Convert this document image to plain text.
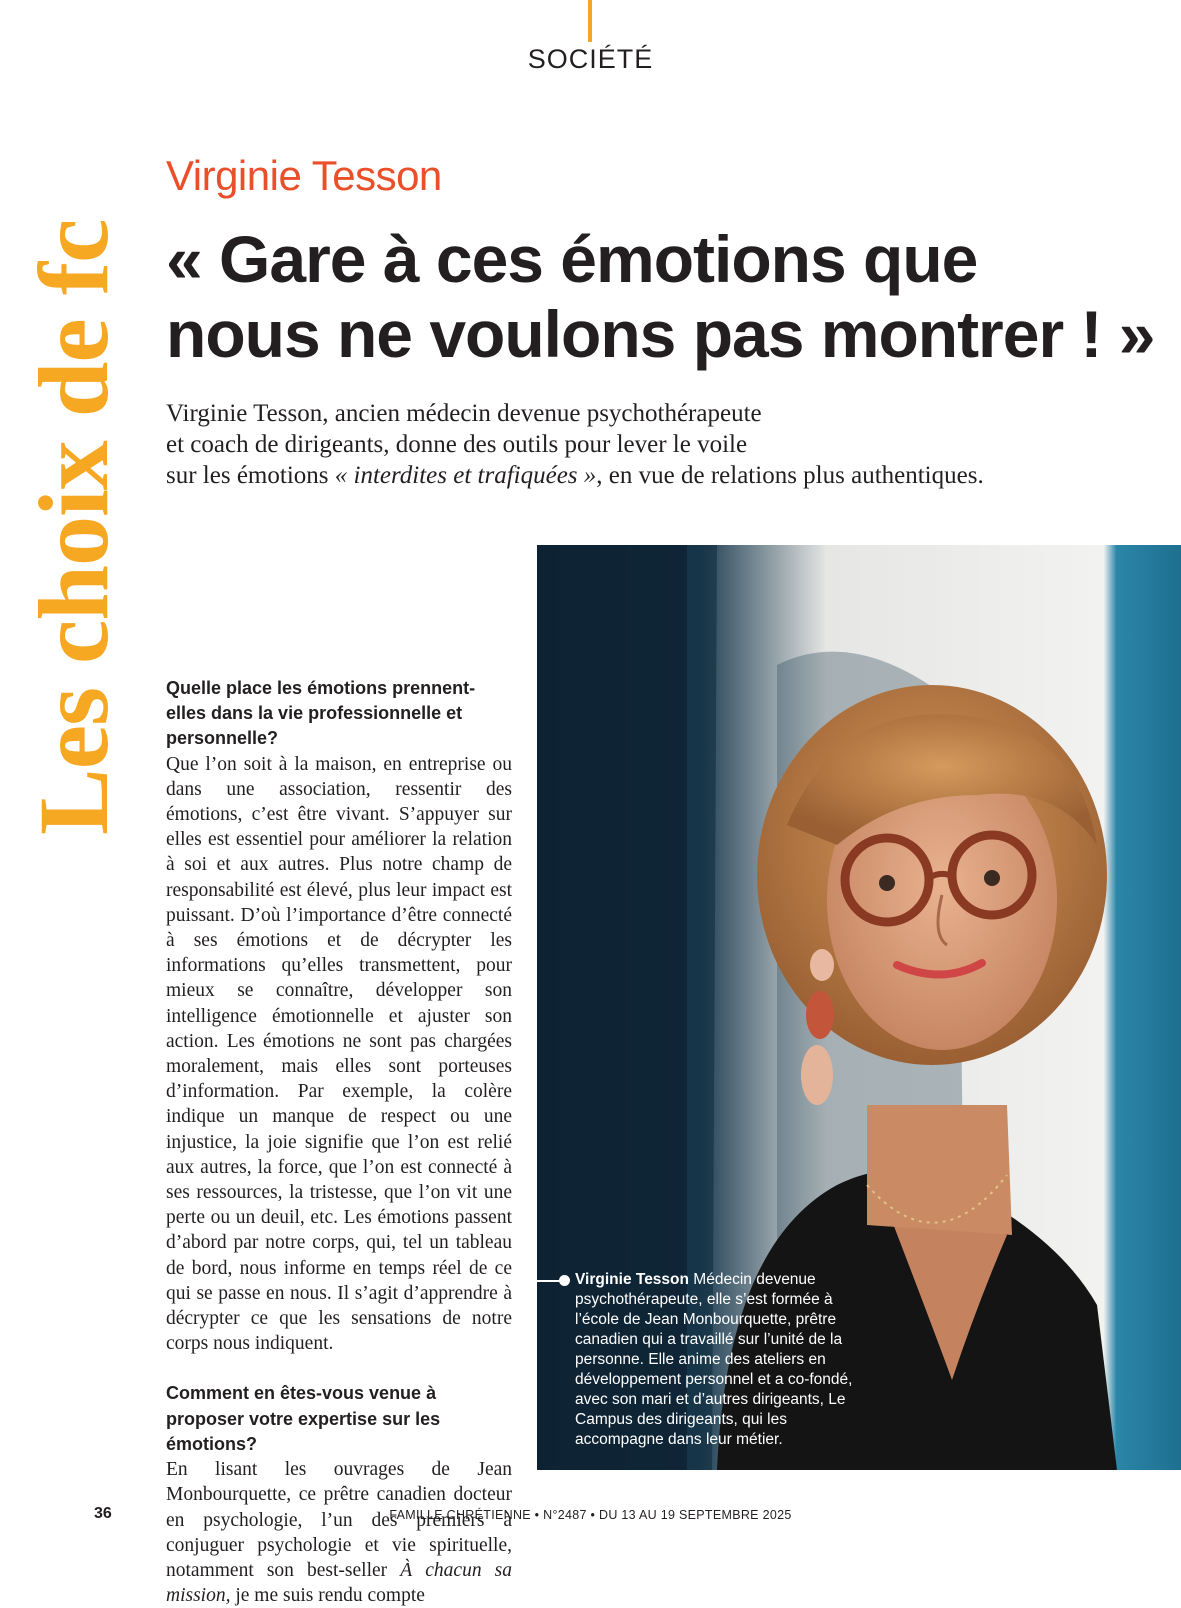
SOCIÉTÉ
Les choix de fc
Virginie Tesson
« Gare à ces émotions que
nous ne voulons pas montrer ! »
Virginie Tesson, ancien médecin devenue psychothérapeute
et coach de dirigeants, donne des outils pour lever le voile
sur les émotions « interdites et trafiquées », en vue de relations plus authentiques.
Virginie Tesson Médecin devenue psychothérapeute, elle s’est formée à l’école de Jean Monbourquette, prêtre canadien qui a travaillé sur l’unité de la personne. Elle anime des ateliers en développement personnel et a co-fondé, avec son mari et d’autres dirigeants, Le Campus des dirigeants, qui les accompagne dans leur métier.

Quelle place les émotions prennent-elles dans la vie professionnelle et personnelle?

Que l’on soit à la maison, en entreprise ou dans une association, ressentir des émotions, c’est être vivant. S’appuyer sur elles est essentiel pour améliorer la relation à soi et aux autres. Plus notre champ de responsabilité est élevé, plus leur impact est puissant. D’où l’importance d’être connecté à ses émotions et de décrypter les informations qu’elles transmettent, pour mieux se connaître, développer son intelligence émotionnelle et ajuster son action. Les émotions ne sont pas chargées moralement, mais elles sont porteuses d’information. Par exemple, la colère indique un manque de respect ou une injustice, la joie signifie que l’on est relié aux autres, la force, que l’on est connecté à ses ressources, la tristesse, que l’on vit une perte ou un deuil, etc. Les émotions passent d’abord par notre corps, qui, tel un tableau de bord, nous informe en temps réel de ce qui se passe en nous. Il s’agit d’apprendre à décrypter ce que les sensations de notre corps nous indiquent.

Comment en êtes-vous venue à proposer votre expertise sur les émotions?

En lisant les ouvrages de Jean Monbourquette, ce prêtre canadien docteur en psychologie, l’un des premiers à conjuguer psychologie et vie spirituelle, notamment son best-seller À chacun sa mission, je me suis rendu compte

36	FAMILLE CHRÉTIENNE • N°2487 • DU 13 AU 19 SEPTEMBRE 2025
